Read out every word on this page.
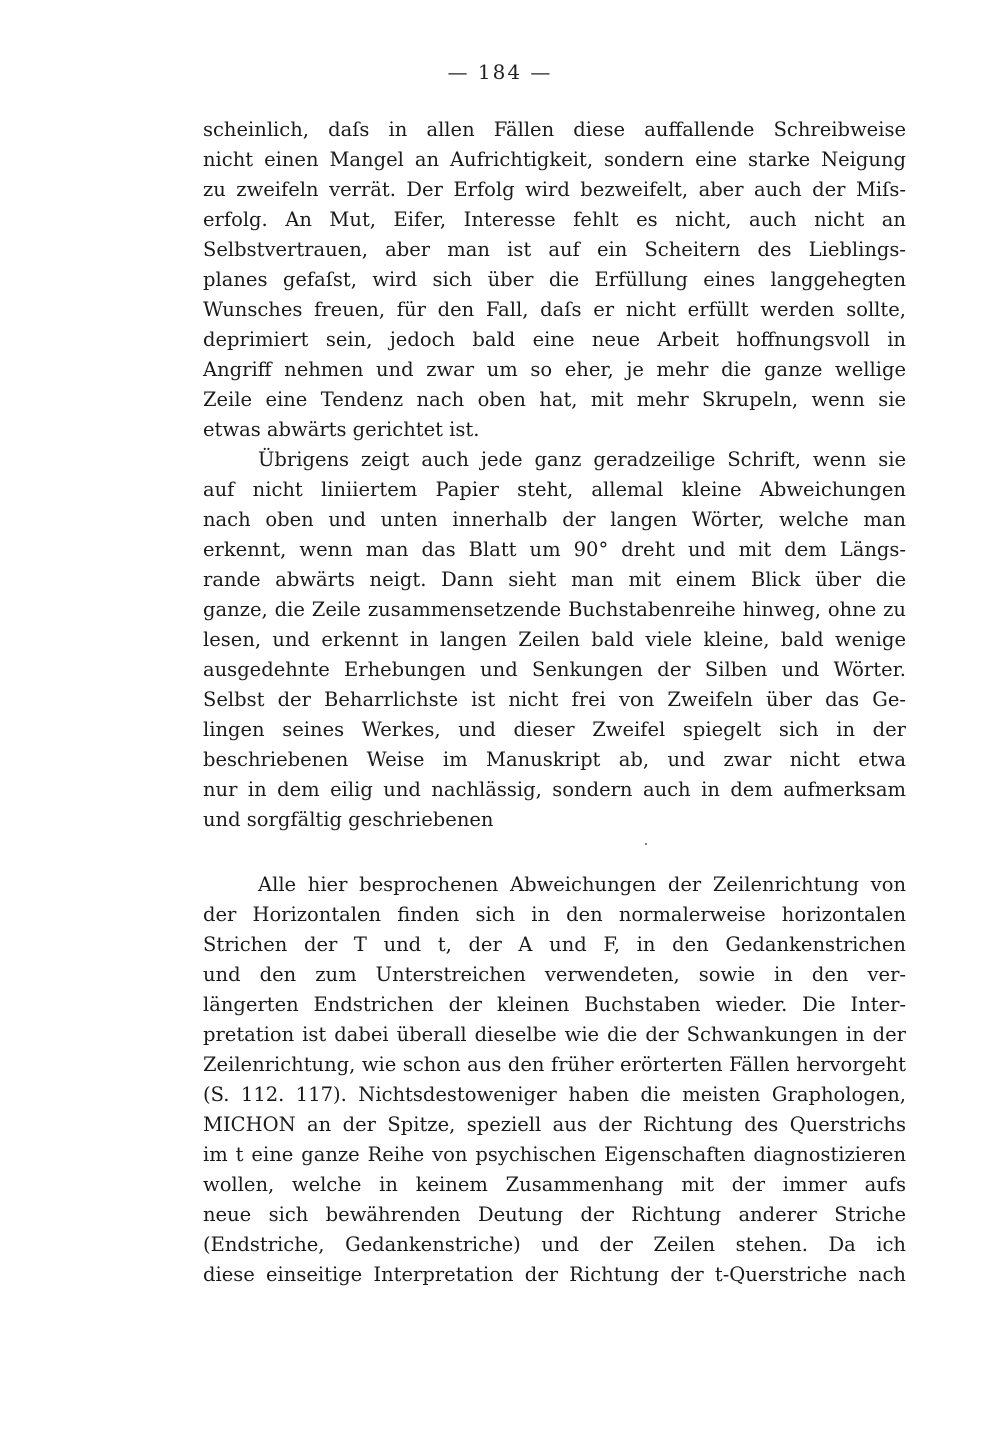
— 184 —
scheinlich, daſs in allen Fällen diese auffallende Schreibweise
nicht einen Mangel an Aufrichtigkeit, sondern eine starke Neigung
zu zweifeln verrät. Der Erfolg wird bezweifelt, aber auch der Miſs-
erfolg. An Mut, Eifer, Interesse fehlt es nicht, auch nicht an
Selbstvertrauen, aber man ist auf ein Scheitern des Lieblings-
planes gefaſst, wird sich über die Erfüllung eines langgehegten
Wunsches freuen, für den Fall, daſs er nicht erfüllt werden sollte,
deprimiert sein, jedoch bald eine neue Arbeit hoffnungsvoll in
Angriff nehmen und zwar um so eher, je mehr die ganze wellige
Zeile eine Tendenz nach oben hat, mit mehr Skrupeln, wenn sie
etwas abwärts gerichtet ist.
Übrigens zeigt auch jede ganz geradzeilige Schrift, wenn sie
auf nicht liniiertem Papier steht, allemal kleine Abweichungen
nach oben und unten innerhalb der langen Wörter, welche man
erkennt, wenn man das Blatt um 90° dreht und mit dem Längs-
rande abwärts neigt. Dann sieht man mit einem Blick über die
ganze, die Zeile zusammensetzende Buchstabenreihe hinweg, ohne zu
lesen, und erkennt in langen Zeilen bald viele kleine, bald wenige
ausgedehnte Erhebungen und Senkungen der Silben und Wörter.
Selbst der Beharrlichste ist nicht frei von Zweifeln über das Ge-
lingen seines Werkes, und dieser Zweifel spiegelt sich in der
beschriebenen Weise im Manuskript ab, und zwar nicht etwa
nur in dem eilig und nachlässig, sondern auch in dem aufmerksam
und sorgfältig geschriebenen
Alle hier besprochenen Abweichungen der Zeilenrichtung von
der Horizontalen finden sich in den normalerweise horizontalen
Strichen der T und t, der A und F, in den Gedankenstrichen
und den zum Unterstreichen verwendeten, sowie in den ver-
längerten Endstrichen der kleinen Buchstaben wieder. Die Inter-
pretation ist dabei überall dieselbe wie die der Schwankungen in der
Zeilenrichtung, wie schon aus den früher erörterten Fällen hervorgeht
(S. 112. 117). Nichtsdestoweniger haben die meisten Graphologen,
MICHON an der Spitze, speziell aus der Richtung des Querstrichs
im t eine ganze Reihe von psychischen Eigenschaften diagnostizieren
wollen, welche in keinem Zusammenhang mit der immer aufs
neue sich bewährenden Deutung der Richtung anderer Striche
(Endstriche, Gedankenstriche) und der Zeilen stehen. Da ich
diese einseitige Interpretation der Richtung der t-Querstriche nach
